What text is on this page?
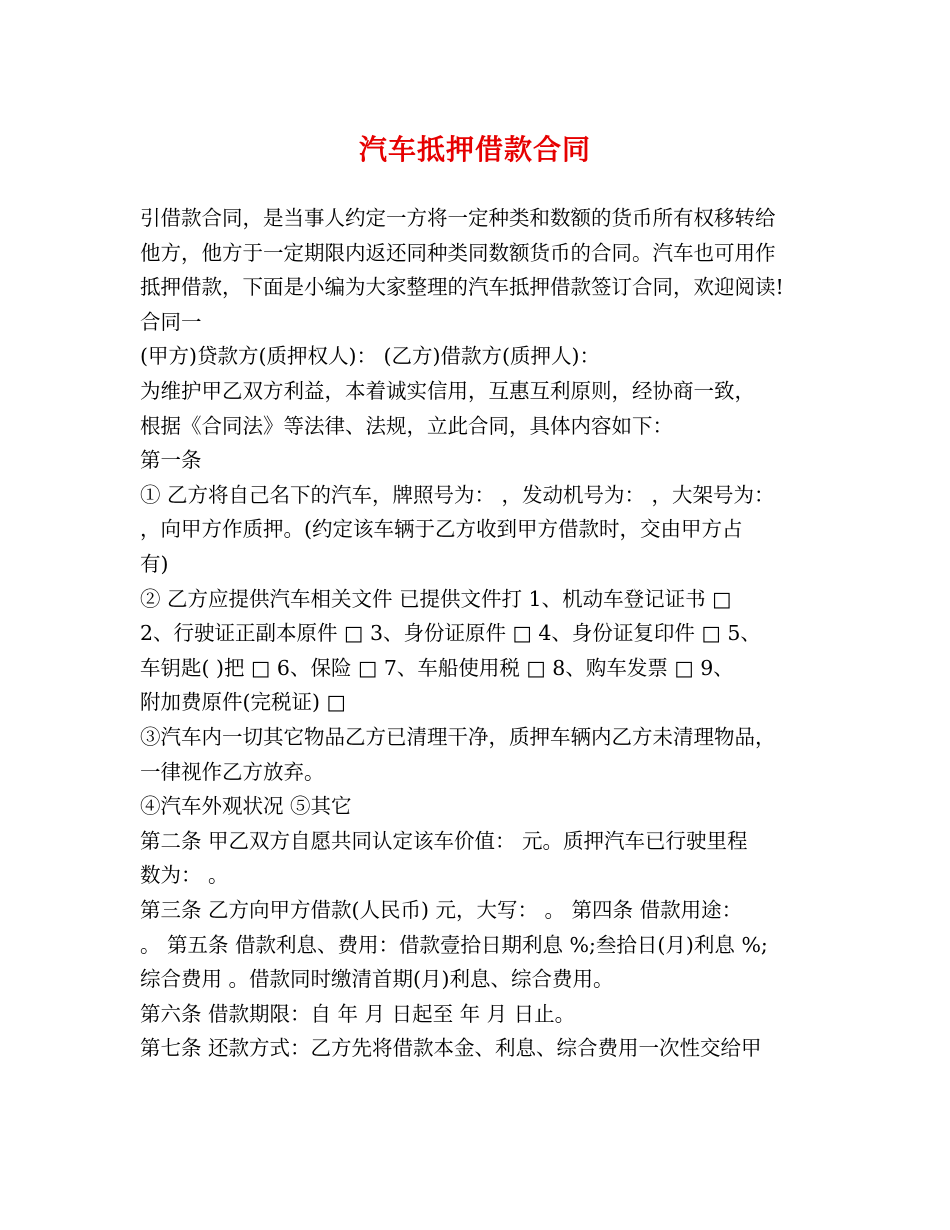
汽车抵押借款合同
引借款合同，是当事人约定一方将一定种类和数额的货币所有权移转给
他方，他方于一定期限内返还同种类同数额货币的合同。汽车也可用作
抵押借款，下面是小编为大家整理的汽车抵押借款签订合同，欢迎阅读!
合同一
(甲方)贷款方(质押权人)： (乙方)借款方(质押人)：
为维护甲乙双方利益，本着诚实信用，互惠互利原则，经协商一致，
根据《合同法》等法律、法规，立此合同，具体内容如下：
第一条
① 乙方将自己名下的汽车，牌照号为： ，发动机号为： ，大架号为：
，向甲方作质押。(约定该车辆于乙方收到甲方借款时，交由甲方占
有)
② 乙方应提供汽车相关文件 已提供文件打 1、机动车登记证书 □
2、行驶证正副本原件 □ 3、身份证原件 □ 4、身份证复印件 □ 5、
车钥匙( )把 □ 6、保险 □ 7、车船使用税 □ 8、购车发票 □ 9、
附加费原件(完税证) □
③汽车内一切其它物品乙方已清理干净，质押车辆内乙方未清理物品，
一律视作乙方放弃。
④汽车外观状况 ⑤其它
第二条 甲乙双方自愿共同认定该车价值： 元。质押汽车已行驶里程
数为： 。
第三条 乙方向甲方借款(人民币) 元，大写： 。 第四条 借款用途：
。 第五条 借款利息、费用：借款壹拾日期利息 %;叁拾日(月)利息 %;
综合费用 。借款同时缴清首期(月)利息、综合费用。
第六条 借款期限：自 年 月 日起至 年 月 日止。
第七条 还款方式：乙方先将借款本金、利息、综合费用一次性交给甲
